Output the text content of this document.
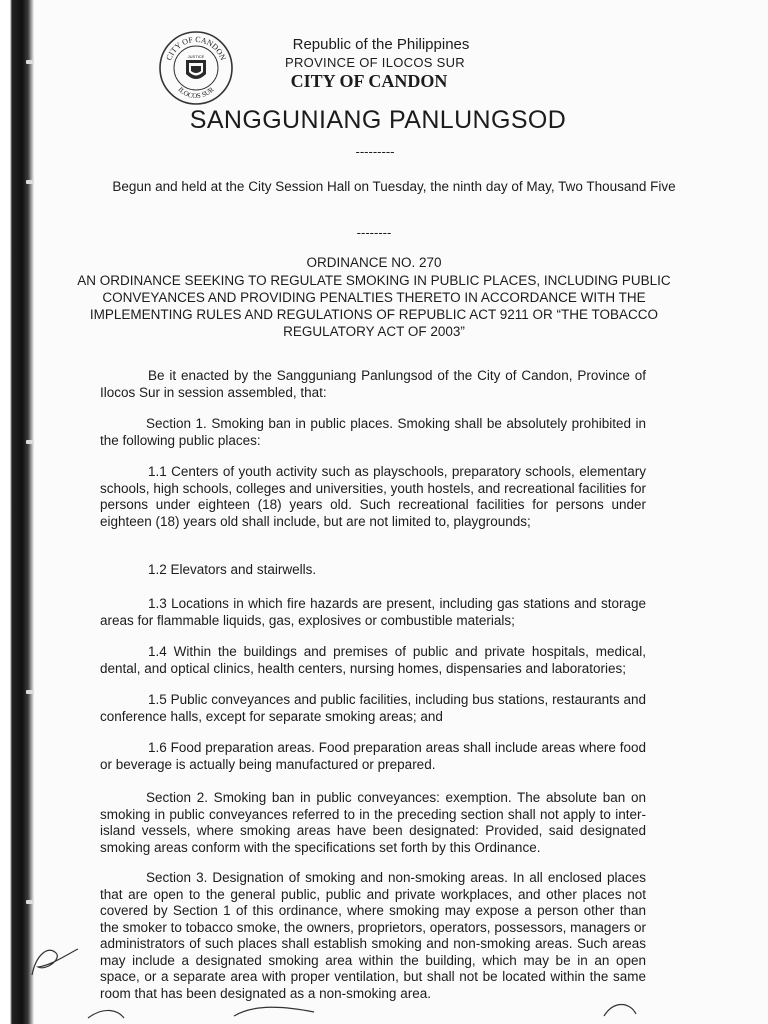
CITY OF CANDON
ILOCOS SUR
JUSTICE
Republic of the Philippines
PROVINCE OF ILOCOS SUR
CITY OF CANDON
SANGGUNIANG PANLUNGSOD
---------
Begun and held at the City Session Hall on Tuesday, the ninth day of May, Two Thousand Five
--------
ORDINANCE NO. 270
AN ORDINANCE SEEKING TO REGULATE SMOKING IN PUBLIC PLACES, INCLUDING PUBLIC CONVEYANCES AND PROVIDING PENALTIES THERETO IN ACCORDANCE WITH THE IMPLEMENTING RULES AND REGULATIONS OF REPUBLIC ACT 9211 OR “THE TOBACCO REGULATORY ACT OF 2003”
Be it enacted by the Sangguniang Panlungsod of the City of Candon, Province of Ilocos Sur in session assembled, that:
Section 1. Smoking ban in public places. Smoking shall be absolutely prohibited in the following public places:
1.1 Centers of youth activity such as playschools, preparatory schools, elementary schools, high schools, colleges and universities, youth hostels, and recreational facilities for persons under eighteen (18) years old. Such recreational facilities for persons under eighteen (18) years old shall include, but are not limited to, playgrounds;
1.2 Elevators and stairwells.
1.3 Locations in which fire hazards are present, including gas stations and storage areas for flammable liquids, gas, explosives or combustible materials;
1.4 Within the buildings and premises of public and private hospitals, medical, dental, and optical clinics, health centers, nursing homes, dispensaries and laboratories;
1.5 Public conveyances and public facilities, including bus stations, restaurants and conference halls, except for separate smoking areas; and
1.6 Food preparation areas. Food preparation areas shall include areas where food or beverage is actually being manufactured or prepared.
Section 2. Smoking ban in public conveyances: exemption. The absolute ban on smoking in public conveyances referred to in the preceding section shall not apply to inter-island vessels, where smoking areas have been designated: Provided, said designated smoking areas conform with the specifications set forth by this Ordinance.
Section 3. Designation of smoking and non-smoking areas. In all enclosed places that are open to the general public, public and private workplaces, and other places not covered by Section 1 of this ordinance, where smoking may expose a person other than the smoker to tobacco smoke, the owners, proprietors, operators, possessors, managers or administrators of such places shall establish smoking and non-smoking areas. Such areas may include a designated smoking area within the building, which may be in an open space, or a separate area with proper ventilation, but shall not be located within the same room that has been designated as a non-smoking area.
